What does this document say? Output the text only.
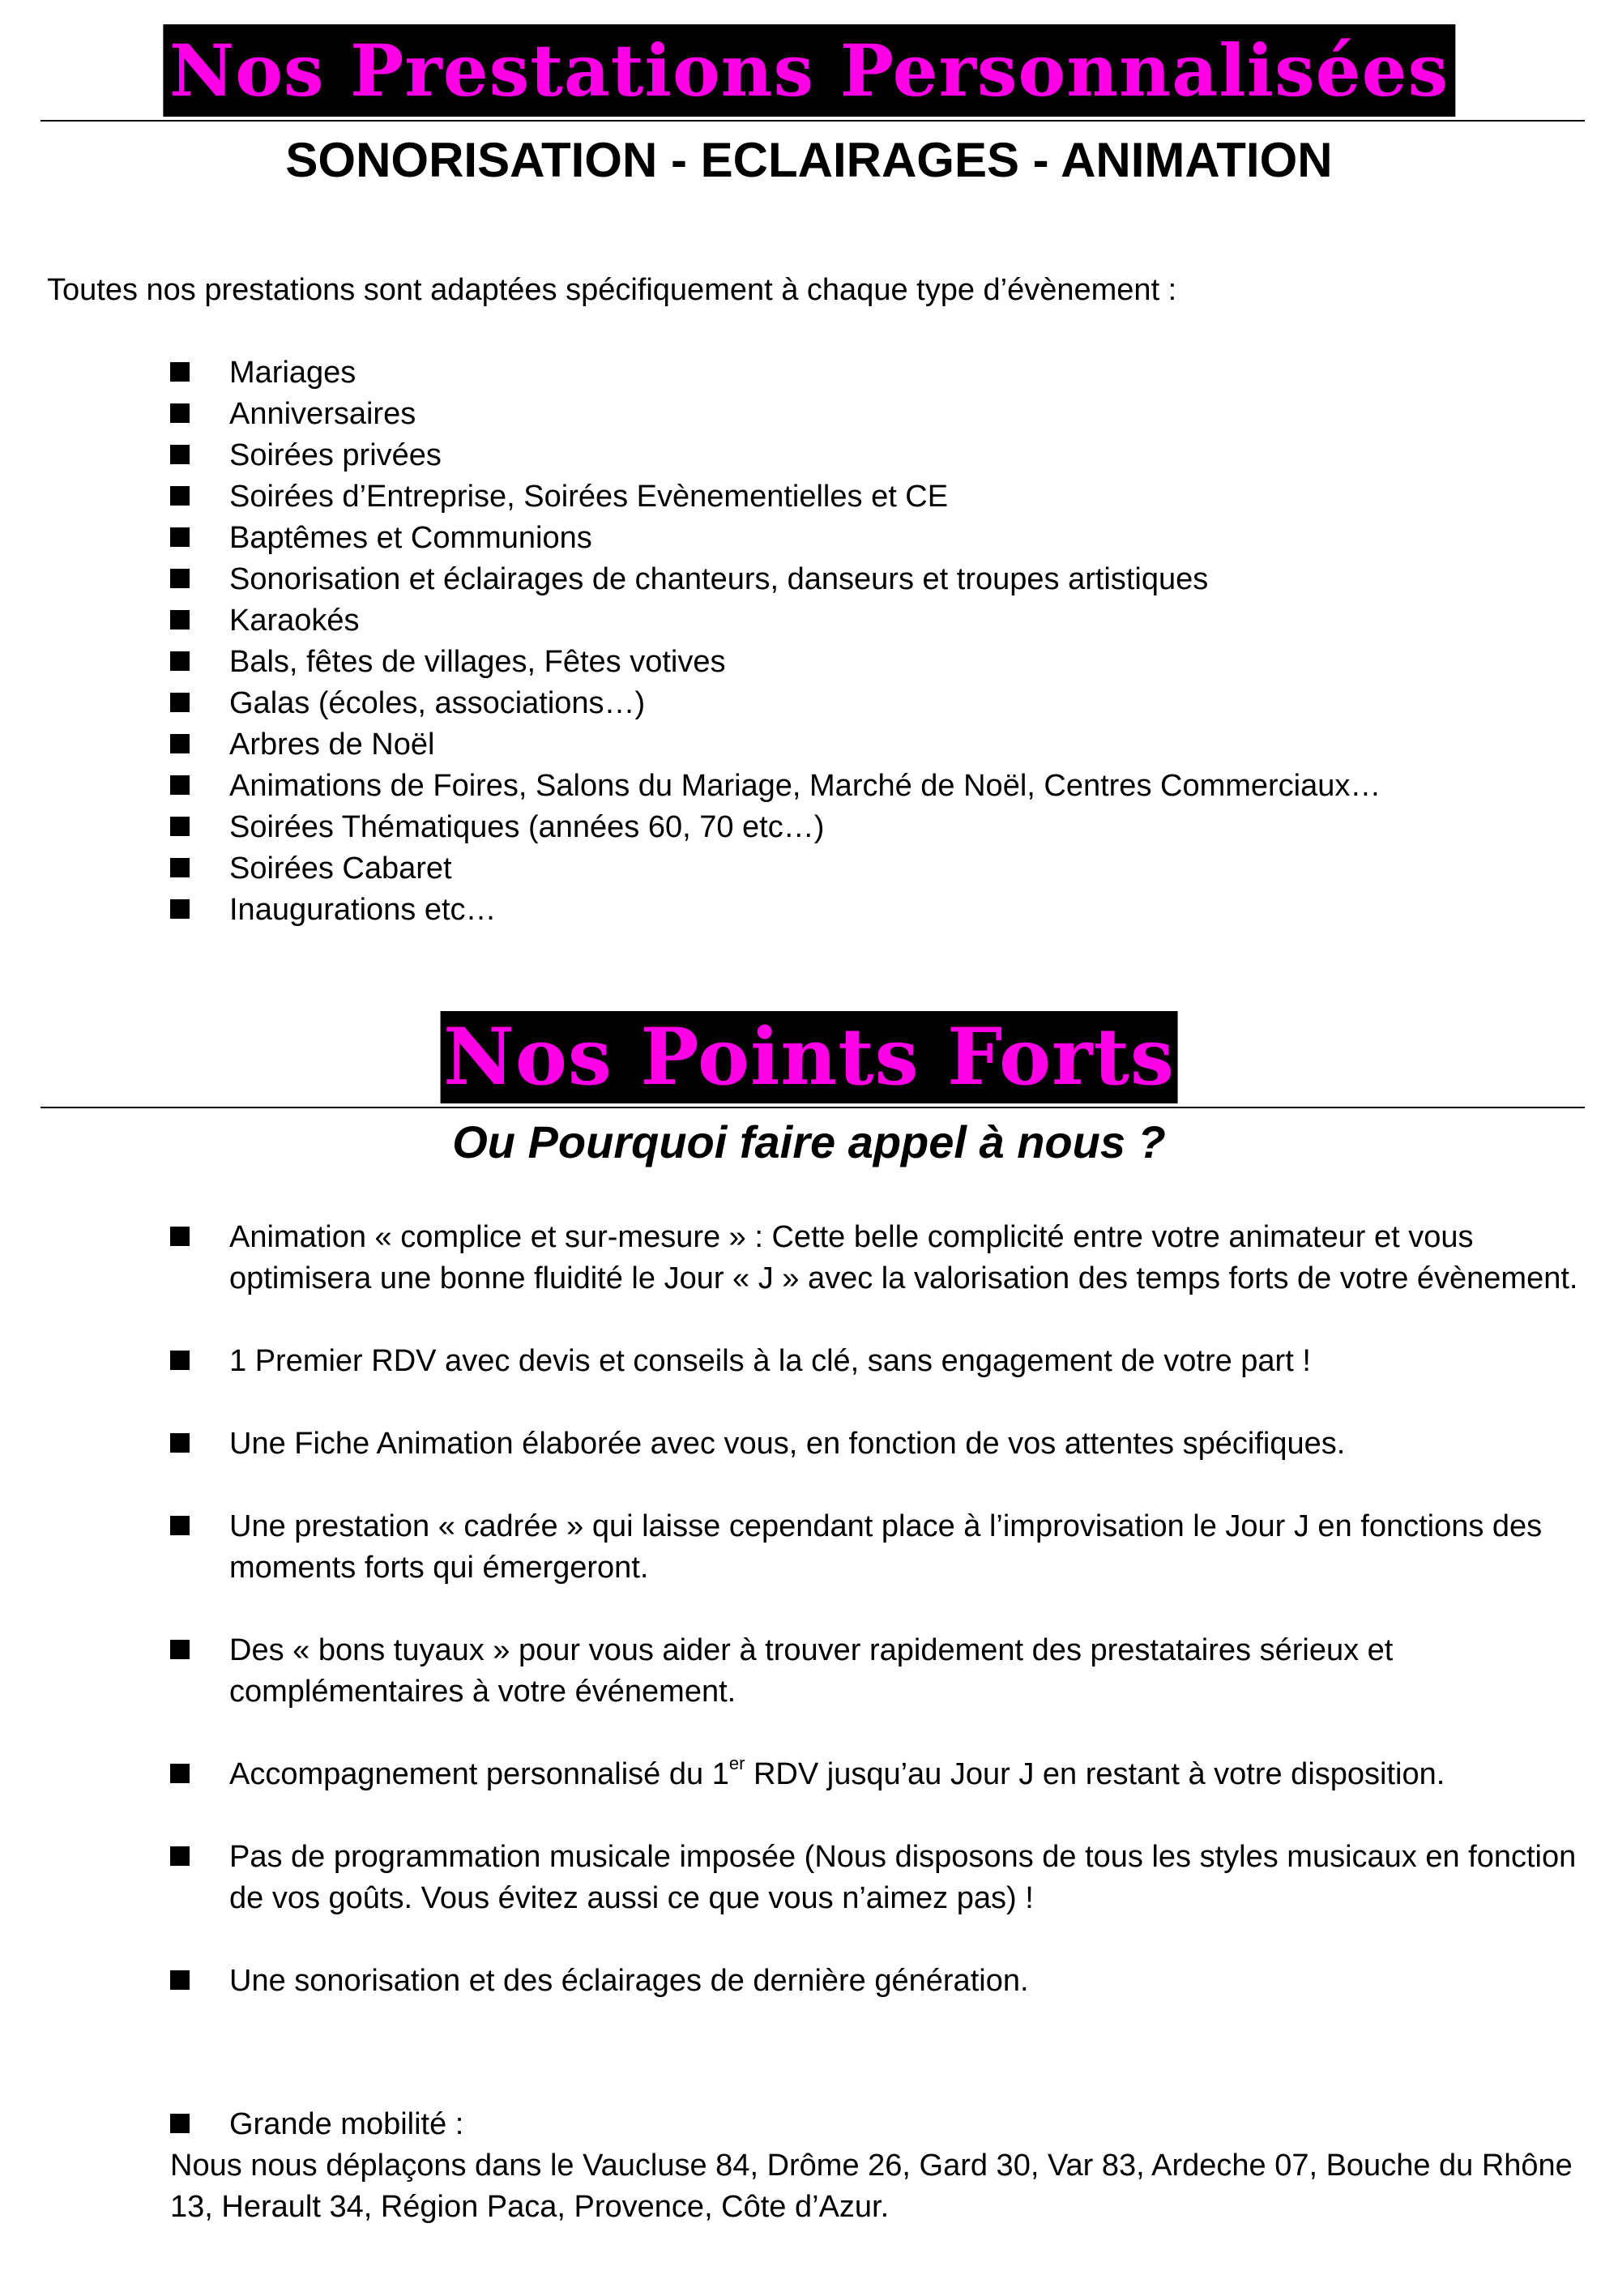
Nos Prestations Personnalisées
SONORISATION - ECLAIRAGES - ANIMATION
Toutes nos prestations sont adaptées spécifiquement à chaque type d’évènement :
Mariages
Anniversaires
Soirées privées
Soirées d’Entreprise, Soirées Evènementielles et CE
Baptêmes et Communions
Sonorisation et éclairages de chanteurs, danseurs et troupes artistiques
Karaokés
Bals, fêtes de villages, Fêtes votives
Galas (écoles, associations…)
Arbres de Noël
Animations de Foires, Salons du Mariage, Marché de Noël, Centres Commerciaux…
Soirées Thématiques (années 60, 70 etc…)
Soirées Cabaret
Inaugurations etc…
Nos Points Forts
Ou Pourquoi faire appel à nous ?
Animation « complice et sur-mesure » : Cette belle complicité entre votre animateur et vous optimisera une bonne fluidité le Jour « J » avec la valorisation des temps forts de votre évènement.
1 Premier RDV avec devis et conseils à la clé, sans engagement de votre part !
Une Fiche Animation élaborée avec vous, en fonction de vos attentes spécifiques.
Une prestation « cadrée » qui laisse cependant place à l’improvisation le Jour J en fonctions des moments forts qui émergeront.
Des « bons tuyaux » pour vous aider à trouver rapidement des prestataires sérieux et complémentaires à votre événement.
Accompagnement personnalisé du 1er RDV jusqu’au Jour J en restant à votre disposition.
Pas de programmation musicale imposée (Nous disposons de tous les styles musicaux en fonction de vos goûts. Vous évitez aussi ce que vous n’aimez pas) !
Une sonorisation et des éclairages de dernière génération.
Grande mobilité :
Nous nous déplaçons dans le Vaucluse 84, Drôme 26, Gard 30, Var 83, Ardeche 07, Bouche du Rhône 13, Herault 34, Région Paca, Provence, Côte d’Azur.
